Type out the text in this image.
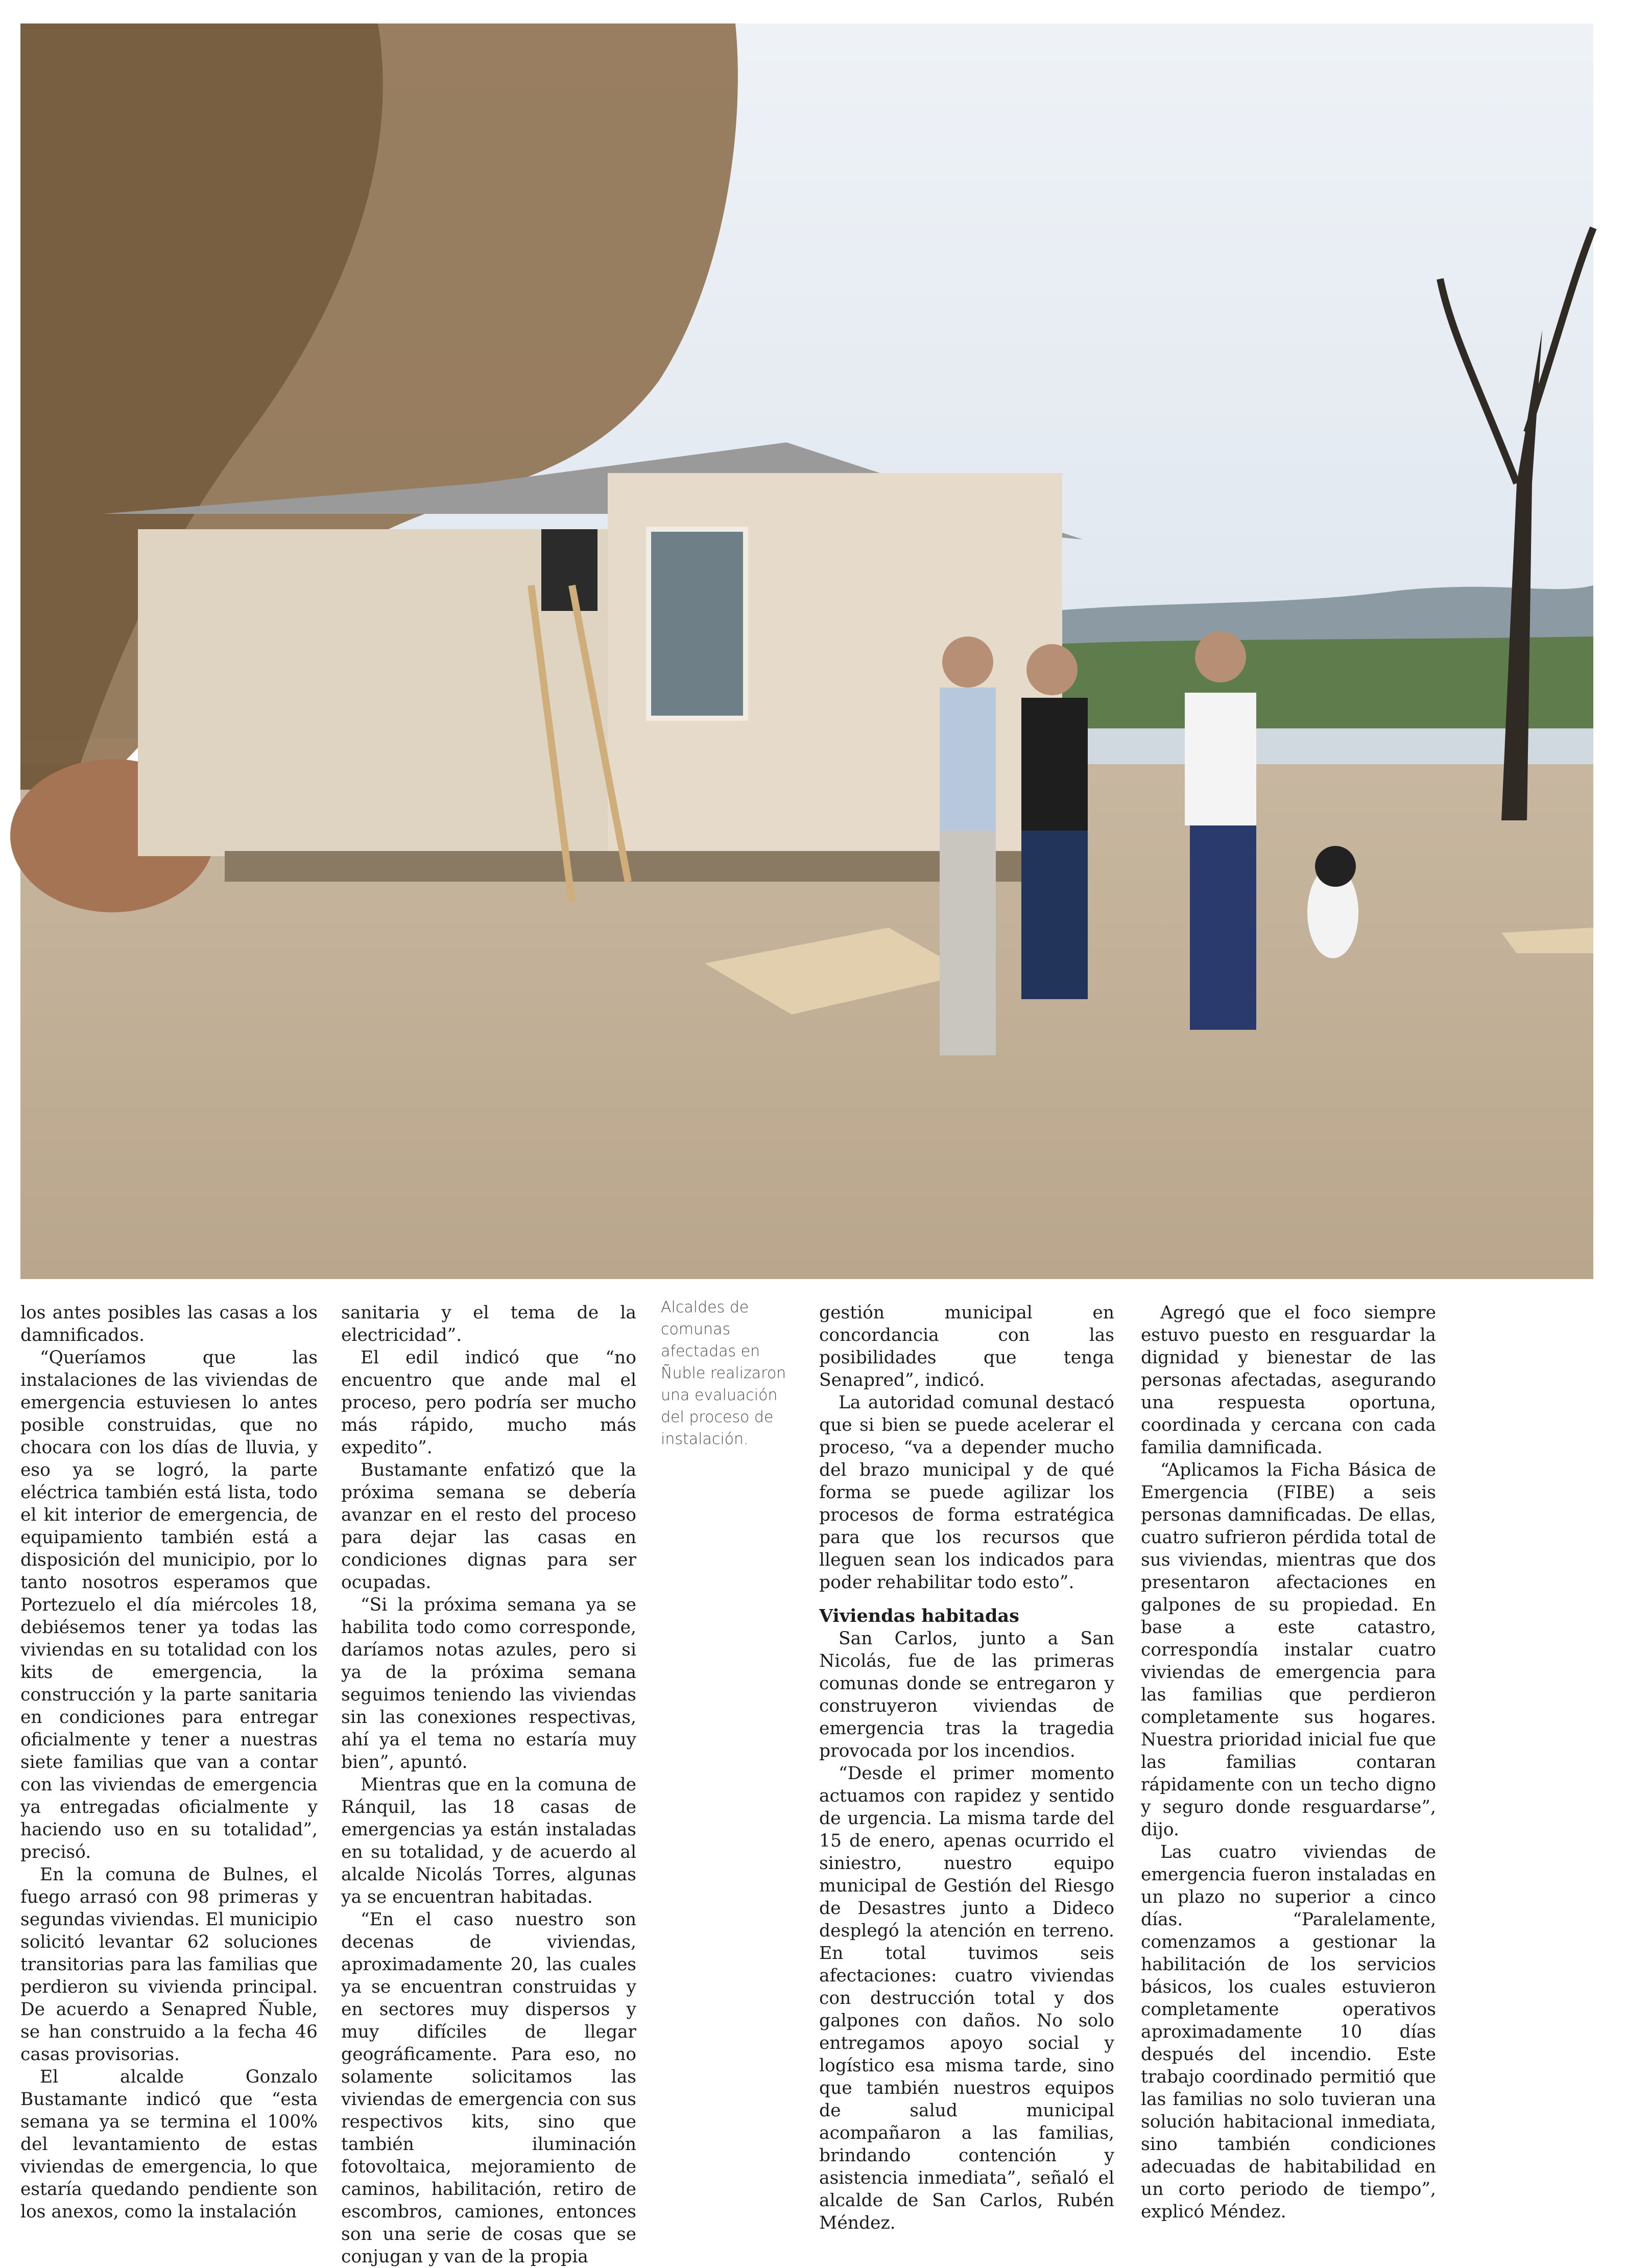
Alcaldes de comunas afectadas en Ñuble realizaron una evaluación del proceso de instalación.

los antes posibles las casas a los damnificados.

“Queríamos que las instalaciones de las viviendas de emergencia estuviesen lo antes posible construidas, que no chocara con los días de lluvia, y eso ya se logró, la parte eléctrica también está lista, todo el kit interior de emergencia, de equipamiento también está a disposición del municipio, por lo tanto nosotros esperamos que Portezuelo el día miércoles 18, debiésemos tener ya todas las viviendas en su totalidad con los kits de emergencia, la construcción y la parte sanitaria en condiciones para entregar oficialmente y tener a nuestras siete familias que van a contar con las viviendas de emergencia ya entregadas oficialmente y haciendo uso en su totalidad”, precisó.

En la comuna de Bulnes, el fuego arrasó con 98 primeras y segundas viviendas. El municipio solicitó levantar 62 soluciones transitorias para las familias que perdieron su vivienda principal. De acuerdo a Senapred Ñuble, se han construido a la fecha 46 casas provisorias.

El alcalde Gonzalo Bustamante indicó que “esta semana ya se termina el 100% del levantamiento de estas viviendas de emergencia, lo que estaría quedando pendiente son los anexos, como la instalación

sanitaria y el tema de la electricidad”.

El edil indicó que “no encuentro que ande mal el proceso, pero podría ser mucho más rápido, mucho más expedito”.

Bustamante enfatizó que la próxima semana se debería avanzar en el resto del proceso para dejar las casas en condiciones dignas para ser ocupadas.

“Si la próxima semana ya se habilita todo como corresponde, daríamos notas azules, pero si ya de la próxima semana seguimos teniendo las viviendas sin las conexiones respectivas, ahí ya el tema no estaría muy bien”, apuntó.

Mientras que en la comuna de Ránquil, las 18 casas de emergencias ya están instaladas en su totalidad, y de acuerdo al alcalde Nicolás Torres, algunas ya se encuentran habitadas.

“En el caso nuestro son decenas de viviendas, aproximadamente 20, las cuales ya se encuentran construidas y en sectores muy dispersos y muy difíciles de llegar geográficamente. Para eso, no solamente solicitamos las viviendas de emergencia con sus respectivos kits, sino que también iluminación fotovoltaica, mejoramiento de caminos, habilitación, retiro de escombros, camiones, entonces son una serie de cosas que se conjugan y van de la propia

gestión municipal en concordancia con las posibilidades que tenga Senapred”, indicó.

La autoridad comunal destacó que si bien se puede acelerar el proceso, “va a depender mucho del brazo municipal y de qué forma se puede agilizar los procesos de forma estratégica para que los recursos que lleguen sean los indicados para poder rehabilitar todo esto”.

Viviendas habitadas

San Carlos, junto a San Nicolás, fue de las primeras comunas donde se entregaron y construyeron viviendas de emergencia tras la tragedia provocada por los incendios.

“Desde el primer momento actuamos con rapidez y sentido de urgencia. La misma tarde del 15 de enero, apenas ocurrido el siniestro, nuestro equipo municipal de Gestión del Riesgo de Desastres junto a Dideco desplegó la atención en terreno. En total tuvimos seis afectaciones: cuatro viviendas con destrucción total y dos galpones con daños. No solo entregamos apoyo social y logístico esa misma tarde, sino que también nuestros equipos de salud municipal acompañaron a las familias, brindando contención y asistencia inmediata”, señaló el alcalde de San Carlos, Rubén Méndez.

Agregó que el foco siempre estuvo puesto en resguardar la dignidad y bienestar de las personas afectadas, asegurando una respuesta oportuna, coordinada y cercana con cada familia damnificada.

“Aplicamos la Ficha Básica de Emergencia (FIBE) a seis personas damnificadas. De ellas, cuatro sufrieron pérdida total de sus viviendas, mientras que dos presentaron afectaciones en galpones de su propiedad. En base a este catastro, correspondía instalar cuatro viviendas de emergencia para las familias que perdieron completamente sus hogares. Nuestra prioridad inicial fue que las familias contaran rápidamente con un techo digno y seguro donde resguardarse”, dijo.

Las cuatro viviendas de emergencia fueron instaladas en un plazo no superior a cinco días. “Paralelamente, comenzamos a gestionar la habilitación de los servicios básicos, los cuales estuvieron completamente operativos aproximadamente 10 días después del incendio. Este trabajo coordinado permitió que las familias no solo tuvieran una solución habitacional inmediata, sino también condiciones adecuadas de habitabilidad en un corto periodo de tiempo”, explicó Méndez.
